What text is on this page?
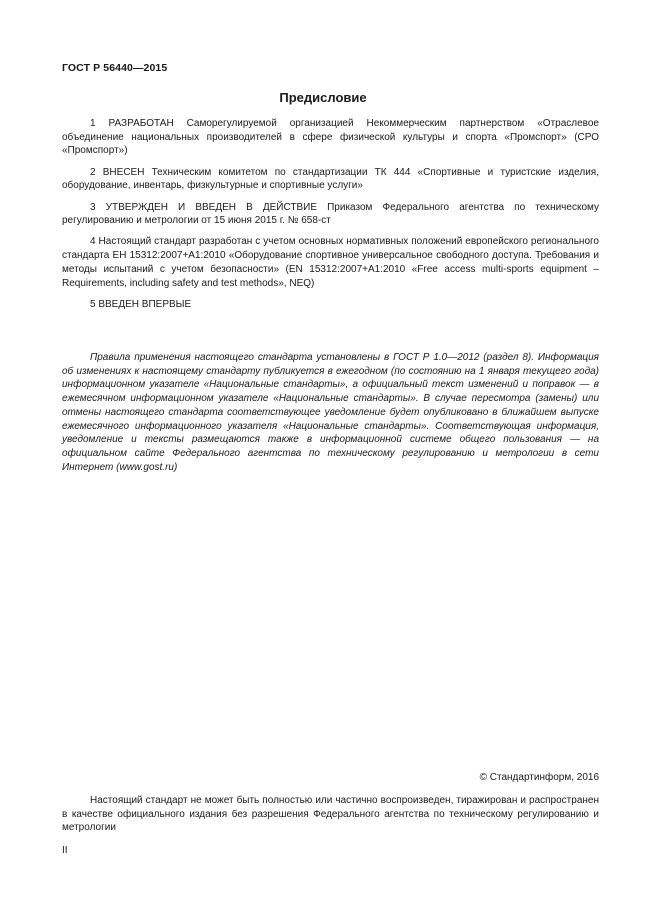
ГОСТ Р 56440—2015
Предисловие

1 РАЗРАБОТАН Саморегулируемой организацией Некоммерческим партнерством «Отраслевое объединение национальных производителей в сфере физической культуры и спорта «Промспорт» (СРО «Промспорт»)

2 ВНЕСЕН Техническим комитетом по стандартизации ТК 444 «Спортивные и туристские изделия, оборудование, инвентарь, физкультурные и спортивные услуги»

3 УТВЕРЖДЕН И ВВЕДЕН В ДЕЙСТВИЕ Приказом Федерального агентства по техническому регулированию и метрологии от 15 июня 2015 г. № 658-ст

4 Настоящий стандарт разработан с учетом основных нормативных положений европейского регионального стандарта ЕН 15312:2007+А1:2010 «Оборудование спортивное универсальное свободного доступа. Требования и методы испытаний с учетом безопасности» (EN 15312:2007+A1:2010 «Free access multi-sports equipment – Requirements, including safety and test methods», NEQ)

5 ВВЕДЕН ВПЕРВЫЕ

Правила применения настоящего стандарта установлены в ГОСТ Р 1.0—2012 (раздел 8). Информация об изменениях к настоящему стандарту публикуется в ежегодном (по состоянию на 1 января текущего года) информационном указателе «Национальные стандарты», а официальный текст изменений и поправок — в ежемесячном информационном указателе «Национальные стандарты». В случае пересмотра (замены) или отмены настоящего стандарта соответствующее уведомление будет опубликовано в ближайшем выпуске ежемесячного информационного указателя «Национальные стандарты». Соответствующая информация, уведомление и тексты размещаются также в информационной системе общего пользования — на официальном сайте Федерального агентства по техническому регулированию и метрологии в сети Интернет (www.gost.ru)

© Стандартинформ, 2016

Настоящий стандарт не может быть полностью или частично воспроизведен, тиражирован и распространен в качестве официального издания без разрешения Федерального агентства по техническому регулированию и метрологии

II
